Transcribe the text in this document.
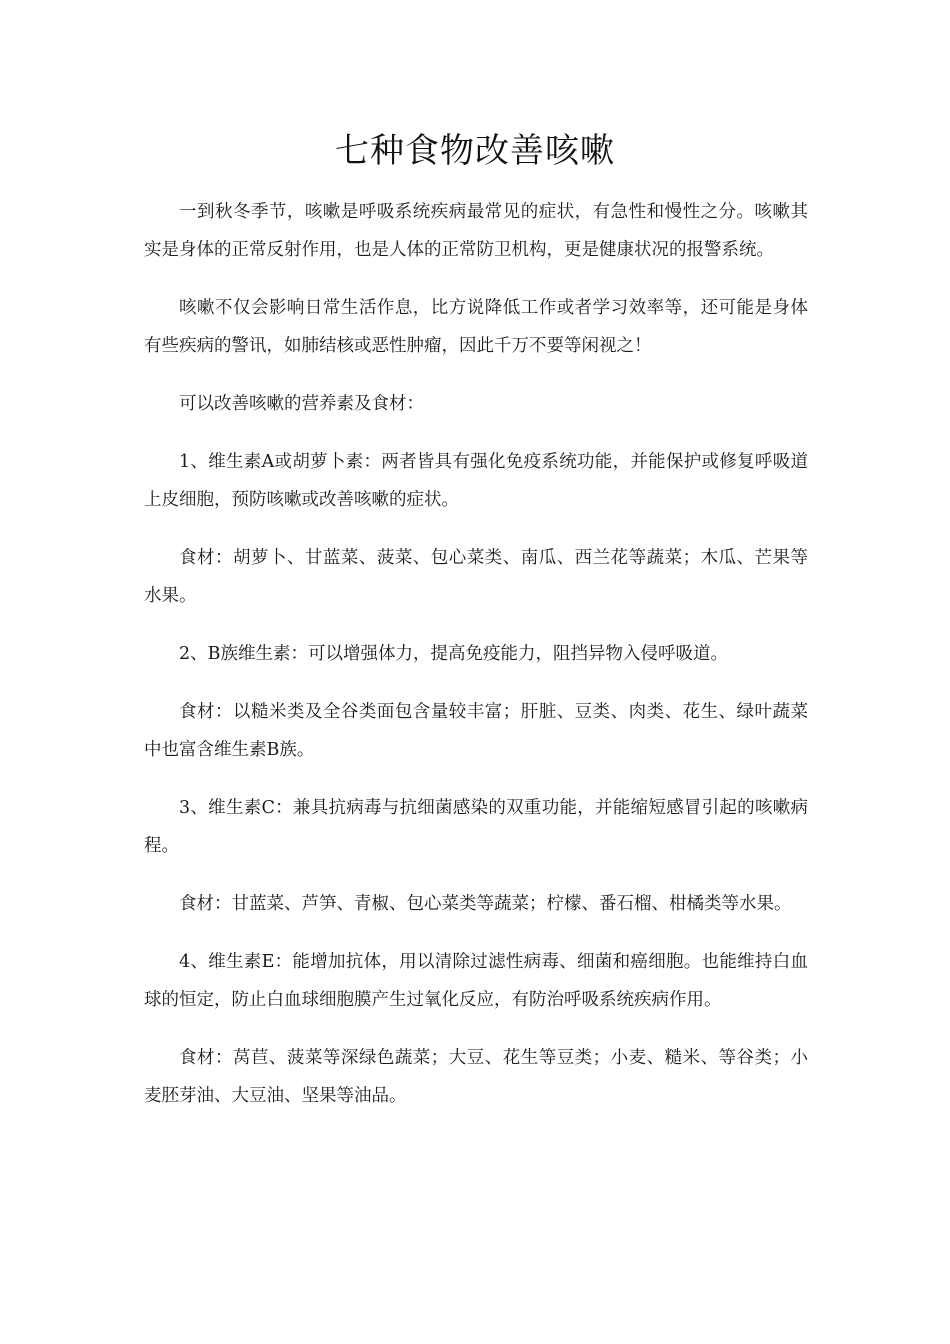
七种食物改善咳嗽

一到秋冬季节，咳嗽是呼吸系统疾病最常见的症状，有急性和慢性之分。咳嗽其实是身体的正常反射作用，也是人体的正常防卫机构，更是健康状况的报警系统。

咳嗽不仅会影响日常生活作息，比方说降低工作或者学习效率等，还可能是身体有些疾病的警讯，如肺结核或恶性肿瘤，因此千万不要等闲视之！

可以改善咳嗽的营养素及食材：

1、维生素A或胡萝卜素：两者皆具有强化免疫系统功能，并能保护或修复呼吸道上皮细胞，预防咳嗽或改善咳嗽的症状。

食材：胡萝卜、甘蓝菜、菠菜、包心菜类、南瓜、西兰花等蔬菜；木瓜、芒果等水果。

2、B族维生素：可以增强体力，提高免疫能力，阻挡异物入侵呼吸道。

食材：以糙米类及全谷类面包含量较丰富；肝脏、豆类、肉类、花生、绿叶蔬菜中也富含维生素B族。

3、维生素C：兼具抗病毒与抗细菌感染的双重功能，并能缩短感冒引起的咳嗽病程。

食材：甘蓝菜、芦笋、青椒、包心菜类等蔬菜；柠檬、番石榴、柑橘类等水果。

4、维生素E：能增加抗体，用以清除过滤性病毒、细菌和癌细胞。也能维持白血球的恒定，防止白血球细胞膜产生过氧化反应，有防治呼吸系统疾病作用。

食材：莴苣、菠菜等深绿色蔬菜；大豆、花生等豆类；小麦、糙米、等谷类；小麦胚芽油、大豆油、坚果等油品。
